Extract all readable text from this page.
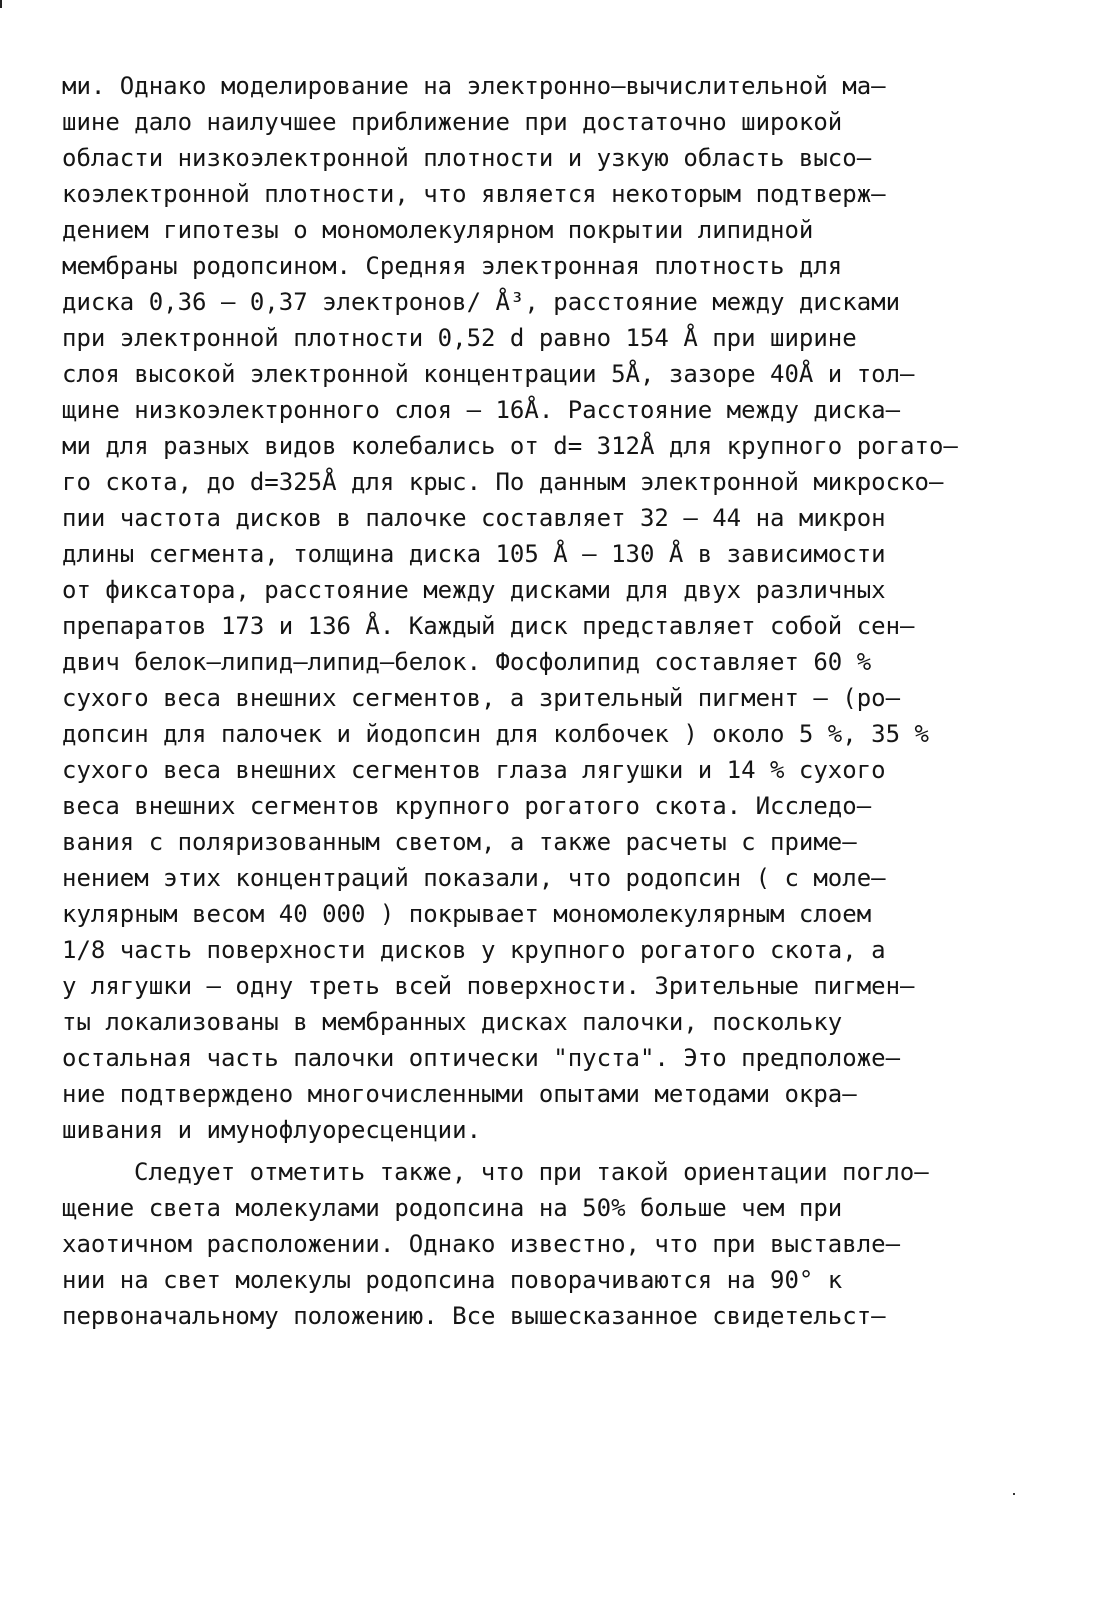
ми. Однако моделирование на электронно–вычислительной ма–
шине дало наилучшее приближение при достаточно широкой
области низкоэлектронной плотности и узкую область высо–
коэлектронной плотности, что является некоторым подтверж–
дением гипотезы о мономолекулярном покрытии липидной
мембраны родопсином. Средняя электронная плотность для
диска 0,36 – 0,37 электронов/ Å³, расстояние между дисками
при электронной плотности 0,52 d равно 154 Å при ширине
слоя высокой электронной концентрации 5Å, зазоре 40Å и тол–
щине низкоэлектронного слоя – 16Å. Расстояние между диска–
ми для разных видов колебались от d= 312Å для крупного рогато–
го скота, до d=325Å для крыс. По данным электронной микроско–
пии частота дисков в палочке составляет 32 – 44 на микрон
длины сегмента, толщина диска 105 Å – 130 Å в зависимости
от фиксатора, расстояние между дисками для двух различных
препаратов 173 и 136 Å. Каждый диск представляет собой сен–
двич белок–липид–липид–белок. Фосфолипид составляет 60 %
сухого веса внешних сегментов, а зрительный пигмент – (ро–
допсин для палочек и йодопсин для колбочек ) около 5 %, 35 %
сухого веса внешних сегментов глаза лягушки и 14 % сухого
веса внешних сегментов крупного рогатого скота. Исследо–
вания с поляризованным светом, а также расчеты с приме–
нением этих концентраций показали, что родопсин ( с моле–
кулярным весом 40 000 ) покрывает мономолекулярным слоем
1/8 часть поверхности дисков у крупного рогатого скота, а
у лягушки – одну треть всей поверхности. Зрительные пигмен–
ты локализованы в мембранных дисках палочки, поскольку
остальная часть палочки оптически "пуста". Это предположе–
ние подтверждено многочисленными опытами методами окра–
шивания и имунофлуоресценции.
Следует отметить также, что при такой ориентации погло–
щение света молекулами родопсина на 50% больше чем при
хаотичном расположении. Однако известно, что при выставле–
нии на свет молекулы родопсина поворачиваются на 90° к
первоначальному положению. Все вышесказанное свидетельст–
